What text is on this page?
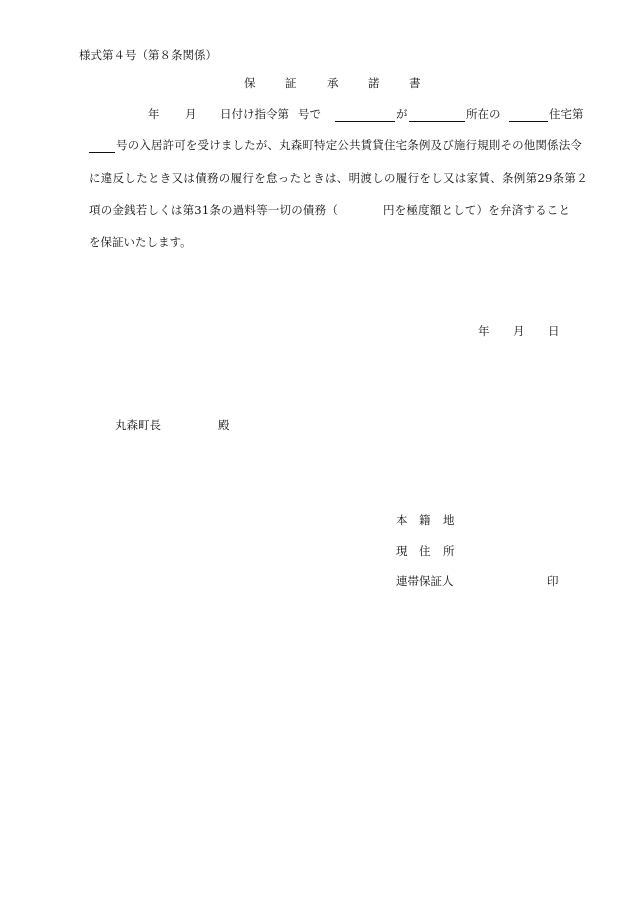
様式第４号（第８条関係）
保	証	承	諾	書
年 月 日付け指令第 号で	が	所在の	住宅第
号の入居許可を受けましたが、丸森町特定公共賃貸住宅条例及び施行規則その他関係法令
に違反したとき又は債務の履行を怠ったときは、明渡しの履行をし又は家賃、条例第29条第２
項の金銭若しくは第31条の過料等一切の債務（	円を極度額として）を弁済すること
を保証いたします。
年 月 日
丸森町長	殿
本 籍 地
現 住 所
連帯保証人	印
